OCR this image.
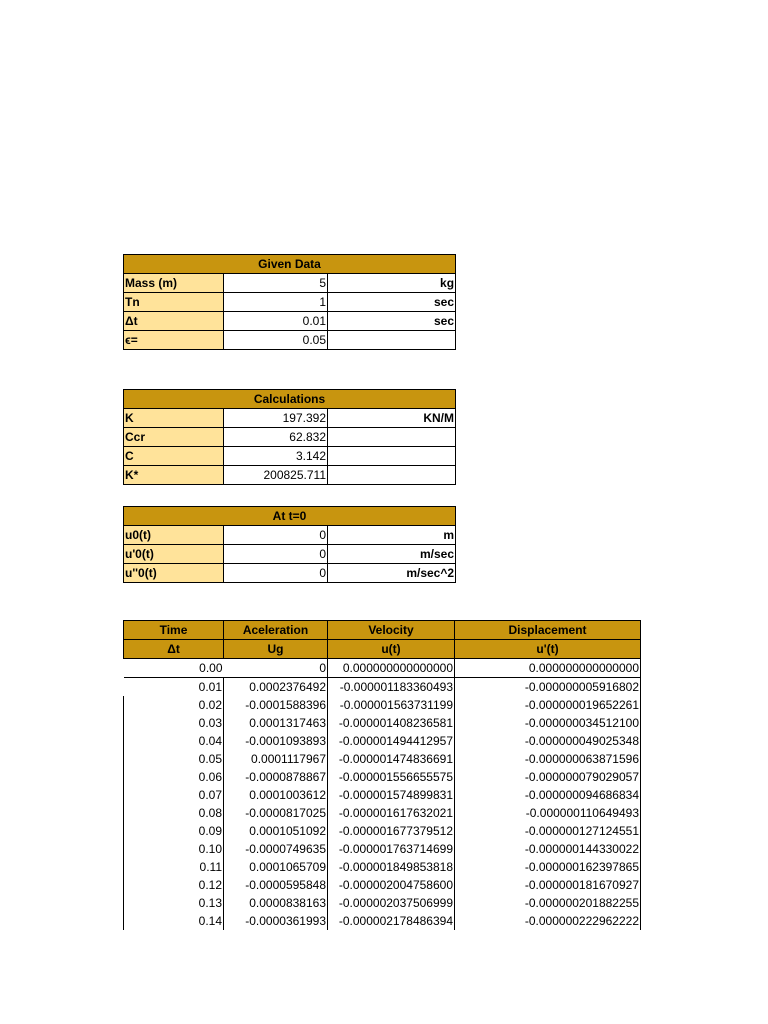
Given Data		
Mass (m)	5	kg
Tn	1	sec
Δt	0.01	sec
ϵ=	0.05	
Calculations		
K	197.392	KN/M
Ccr	62.832	
C	3.142	
K*	200825.711	
At t=0		
u0(t)	0	m
u'0(t)	0	m/sec
u''0(t)	0	m/sec^2
Time	Aceleration	Velocity	Displacement
Δt	Ug	u(t)	u'(t)
0.00	0	0.000000000000000	0.000000000000000
0.01	0.0002376492	-0.000001183360493	-0.000000005916802
0.02	-0.0001588396	-0.000001563731199	-0.000000019652261
0.03	0.0001317463	-0.000001408236581	-0.000000034512100
0.04	-0.0001093893	-0.000001494412957	-0.000000049025348
0.05	0.0001117967	-0.000001474836691	-0.000000063871596
0.06	-0.0000878867	-0.000001556655575	-0.000000079029057
0.07	0.0001003612	-0.000001574899831	-0.000000094686834
0.08	-0.0000817025	-0.000001617632021	-0.000000110649493
0.09	0.0001051092	-0.000001677379512	-0.000000127124551
0.10	-0.0000749635	-0.000001763714699	-0.000000144330022
0.11	0.0001065709	-0.000001849853818	-0.000000162397865
0.12	-0.0000595848	-0.000002004758600	-0.000000181670927
0.13	0.0000838163	-0.000002037506999	-0.000000201882255
0.14	-0.0000361993	-0.000002178486394	-0.000000222962222
